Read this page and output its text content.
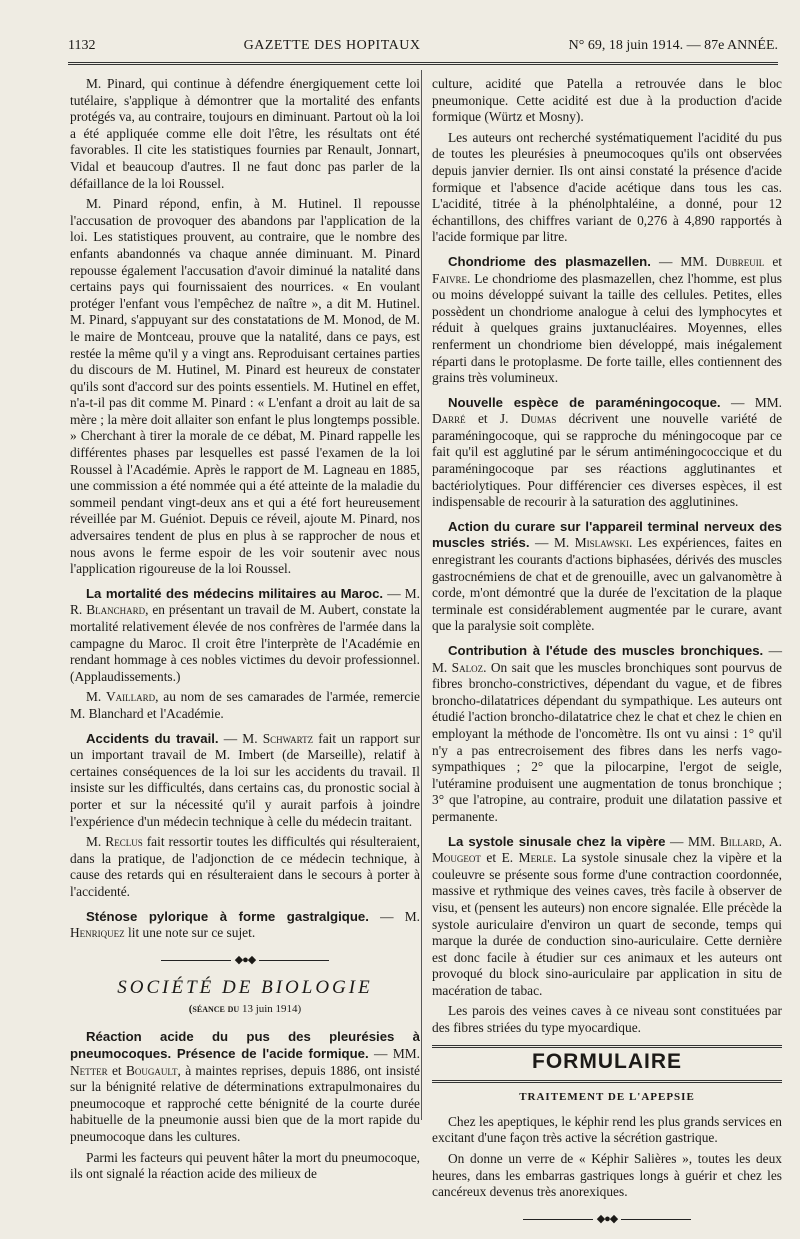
1132	GAZETTE DES HOPITAUX	N° 69, 18 juin 1914. — 87e ANNÉE.

M. Pinard, qui continue à défendre énergiquement cette loi tutélaire, s'applique à démontrer que la mortalité des enfants protégés va, au contraire, toujours en diminuant. Partout où la loi a été appliquée comme elle doit l'être, les résultats ont été favorables. Il cite les statistiques fournies par Renault, Jonnart, Vidal et beaucoup d'autres. Il ne faut donc pas parler de la défaillance de la loi Roussel.

M. Pinard répond, enfin, à M. Hutinel. Il repousse l'accusation de provoquer des abandons par l'application de la loi. Les statistiques prouvent, au contraire, que le nombre des enfants abandonnés va chaque année diminuant. M. Pinard repousse également l'accusation d'avoir diminué la natalité dans certains pays qui fournissaient des nourrices. « En voulant protéger l'enfant vous l'empêchez de naître », a dit M. Hutinel. M. Pinard, s'appuyant sur des constatations de M. Monod, de M. le maire de Montceau, prouve que la natalité, dans ce pays, est restée la même qu'il y a vingt ans. Reproduisant certaines parties du discours de M. Hutinel, M. Pinard est heureux de constater qu'ils sont d'accord sur des points essentiels. M. Hutinel en effet, n'a-t-il pas dit comme M. Pinard : « L'enfant a droit au lait de sa mère ; la mère doit allaiter son enfant le plus longtemps possible. » Cherchant à tirer la morale de ce débat, M. Pinard rappelle les différentes phases par lesquelles est passé l'examen de la loi Roussel à l'Académie. Après le rapport de M. Lagneau en 1885, une commission a été nommée qui a été atteinte de la maladie du sommeil pendant vingt-deux ans et qui a été fort heureusement réveillée par M. Guéniot. Depuis ce réveil, ajoute M. Pinard, nos adversaires tendent de plus en plus à se rapprocher de nous et nous avons le ferme espoir de les voir soutenir avec nous l'application rigoureuse de la loi Roussel.

La mortalité des médecins militaires au Maroc. — M. R. Blanchard, en présentant un travail de M. Aubert, constate la mortalité relativement élevée de nos confrères de l'armée dans la campagne du Maroc. Il croit être l'interprète de l'Académie en rendant hommage à ces nobles victimes du devoir professionnel. (Applaudissements.)

M. Vaillard, au nom de ses camarades de l'armée, remercie M. Blanchard et l'Académie.

Accidents du travail. — M. Schwartz fait un rapport sur un important travail de M. Imbert (de Marseille), relatif à certaines conséquences de la loi sur les accidents du travail. Il insiste sur les difficultés, dans certains cas, du pronostic social à porter et sur la nécessité qu'il y aurait parfois à joindre l'expérience d'un médecin technique à celle du médecin traitant.

M. Reclus fait ressortir toutes les difficultés qui résulteraient, dans la pratique, de l'adjonction de ce médecin technique, à cause des retards qui en résulteraient dans le secours à porter à l'accidenté.

Sténose pylorique à forme gastralgique. — M. Henriquez lit une note sur ce sujet.

◆●◆
SOCIÉTÉ DE BIOLOGIE
(séance du 13 juin 1914)

Réaction acide du pus des pleurésies à pneumocoques. Présence de l'acide formique. — MM. Netter et Bougault, à maintes reprises, depuis 1886, ont insisté sur la bénignité relative de déterminations extrapulmonaires du pneumocoque et rapproché cette bénignité de la courte durée habituelle de la pneumonie aussi bien que de la mort rapide du pneumocoque dans les cultures.

Parmi les facteurs qui peuvent hâter la mort du pneumocoque, ils ont signalé la réaction acide des milieux de

culture, acidité que Patella a retrouvée dans le bloc pneumonique. Cette acidité est due à la production d'acide formique (Würtz et Mosny).

Les auteurs ont recherché systématiquement l'acidité du pus de toutes les pleurésies à pneumocoques qu'ils ont observées depuis janvier dernier. Ils ont ainsi constaté la présence d'acide formique et l'absence d'acide acétique dans tous les cas. L'acidité, titrée à la phénolphtaléine, a donné, pour 12 échantillons, des chiffres variant de 0,276 à 4,890 rapportés à l'acide formique par litre.

Chondriome des plasmazellen. — MM. Dubreuil et Faivre. Le chondriome des plasmazellen, chez l'homme, est plus ou moins développé suivant la taille des cellules. Petites, elles possèdent un chondriome analogue à celui des lymphocytes et réduit à quelques grains juxtanucléaires. Moyennes, elles renferment un chondriome bien développé, mais inégalement réparti dans le protoplasme. De forte taille, elles contiennent des grains très volumineux.

Nouvelle espèce de paraméningocoque. — MM. Darré et J. Dumas décrivent une nouvelle variété de paraméningocoque, qui se rapproche du méningocoque par ce fait qu'il est agglutiné par le sérum antiméningococcique et du paraméningocoque par ses réactions agglutinantes et bactériolytiques. Pour différencier ces diverses espèces, il est indispensable de recourir à la saturation des agglutinines.

Action du curare sur l'appareil terminal nerveux des muscles striés. — M. Mislawski. Les expériences, faites en enregistrant les courants d'actions biphasées, dérivés des muscles gastrocnémiens de chat et de grenouille, avec un galvanomètre à corde, m'ont démontré que la durée de l'excitation de la plaque terminale est considérablement augmentée par le curare, avant que la paralysie soit complète.

Contribution à l'étude des muscles bronchiques. — M. Saloz. On sait que les muscles bronchiques sont pourvus de fibres broncho-constrictives, dépendant du vague, et de fibres broncho-dilatatrices dépendant du sympathique. Les auteurs ont étudié l'action broncho-dilatatrice chez le chat et chez le chien en employant la méthode de l'oncomètre. Ils ont vu ainsi : 1° qu'il n'y a pas entrecroisement des fibres dans les nerfs vago-sympathiques ; 2° que la pilocarpine, l'ergot de seigle, l'utéramine produisent une augmentation de tonus bronchique ; 3° que l'atropine, au contraire, produit une dilatation passive et permanente.

La systole sinusale chez la vipère — MM. Billard, A. Mougeot et E. Merle. La systole sinusale chez la vipère et la couleuvre se présente sous forme d'une contraction coordonnée, massive et rythmique des veines caves, très facile à observer de visu, et (pensent les auteurs) non encore signalée. Elle précède la systole auriculaire d'environ un quart de seconde, temps qui marque la durée de conduction sino-auriculaire. Cette dernière est donc facile à étudier sur ces animaux et les auteurs ont provoqué du block sino-auriculaire par application in situ de macération de tabac.

Les parois des veines caves à ce niveau sont constituées par des fibres striées du type myocardique.

FORMULAIRE
TRAITEMENT DE L'APEPSIE

Chez les apeptiques, le képhir rend les plus grands services en excitant d'une façon très active la sécrétion gastrique.

On donne un verre de « Képhir Salières », toutes les deux heures, dans les embarras gastriques longs à guérir et chez les cancéreux devenus très anorexiques.

◆●◆
